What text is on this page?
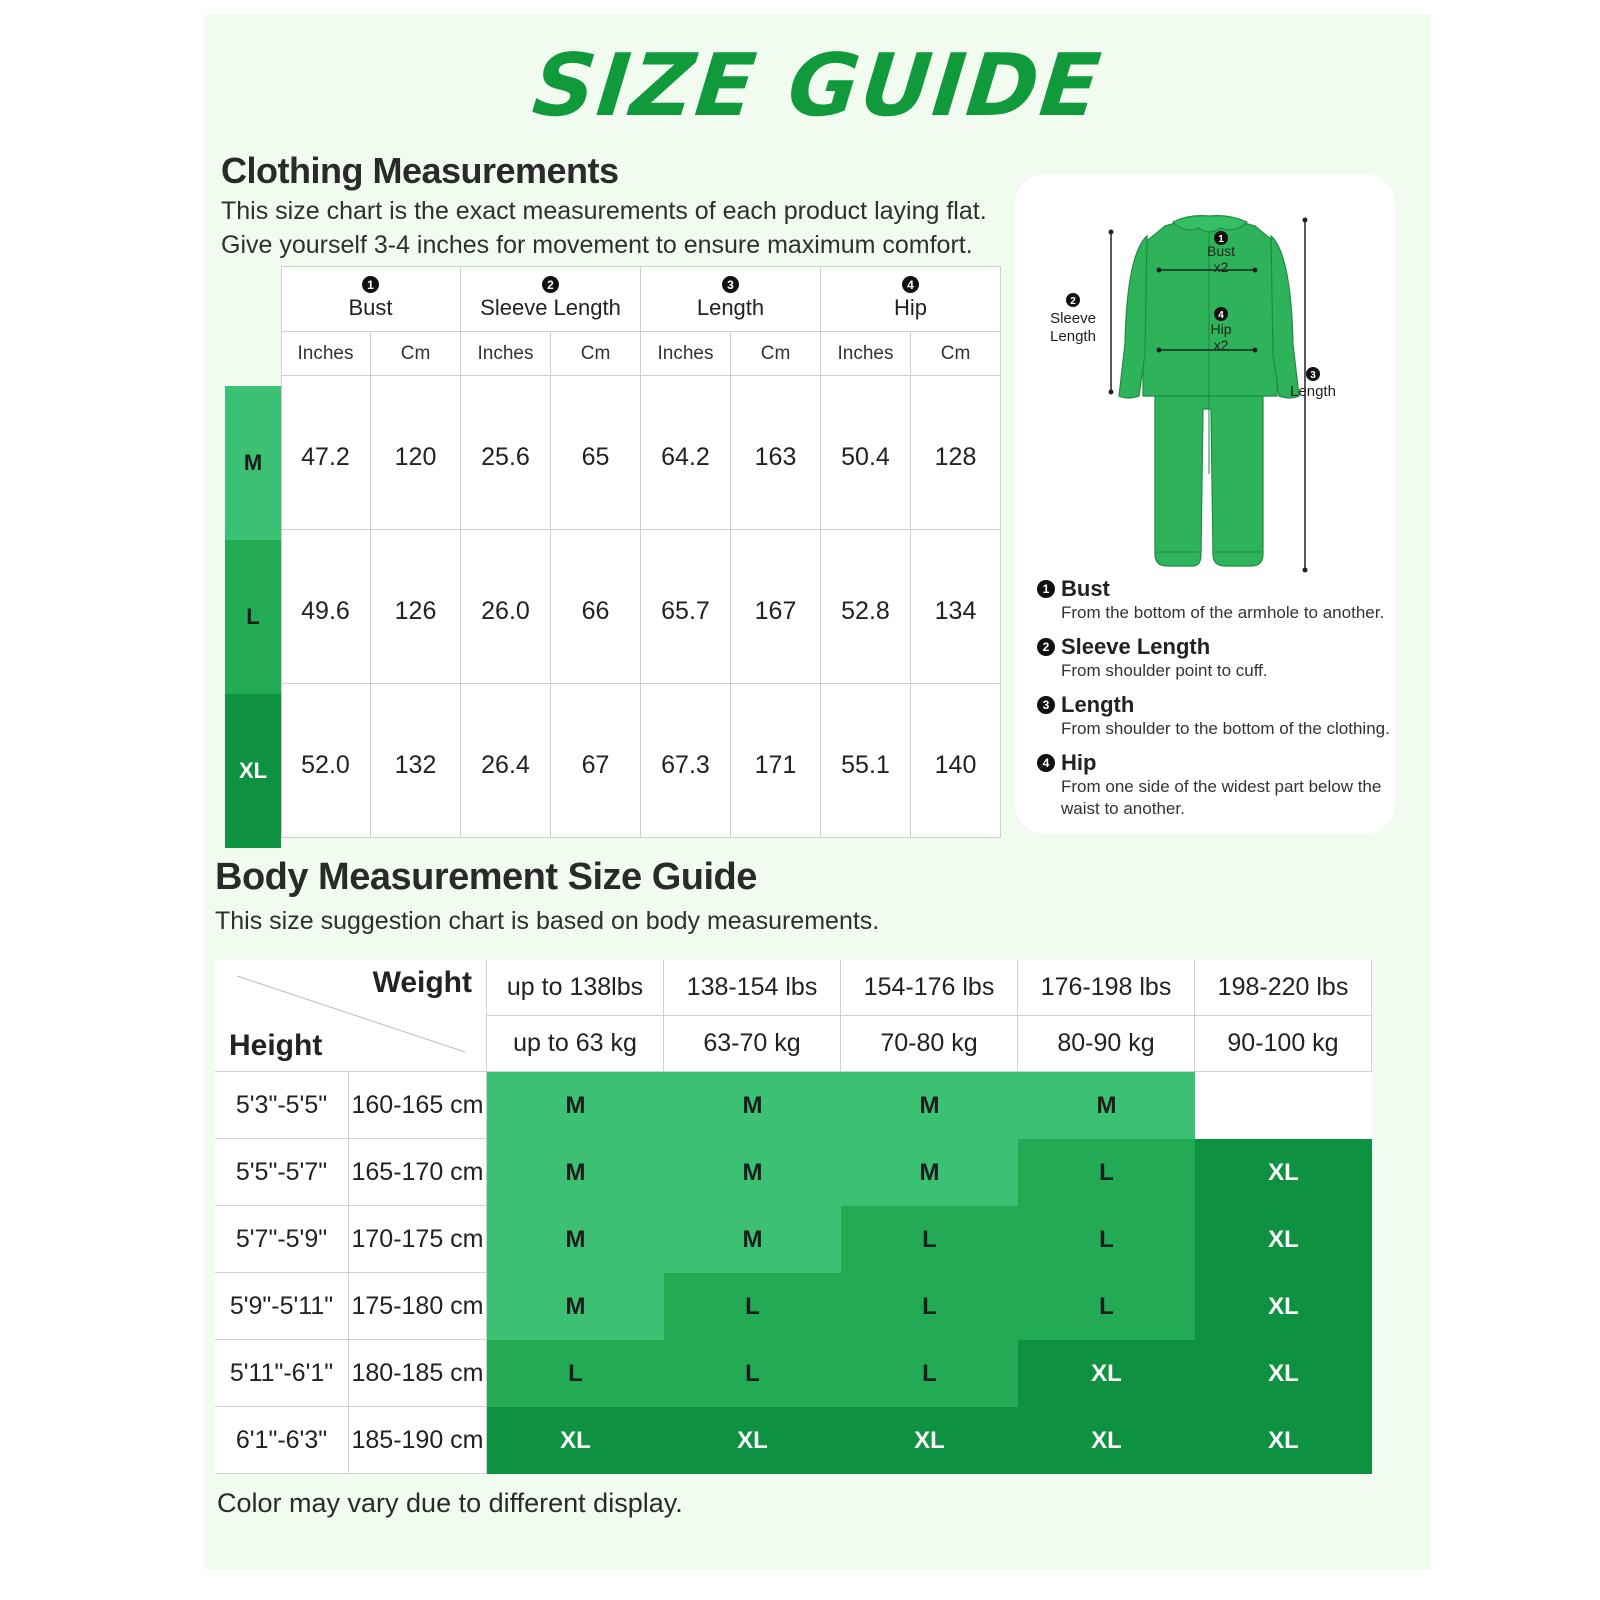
SIZE GUIDE
Clothing Measurements
This size chart is the exact measurements of each product laying flat.
Give yourself 3-4 inches for movement to ensure maximum comfort.
1
Bust
Inches	Cm
2
Sleeve Length
Inches	Cm
3
Length
Inches	Cm
4
Hip
Inches	Cm
M	47.2	120	25.6	65	64.2	163	50.4	128
L	49.6	126	26.0	66	65.7	167	52.8	134
XL	52.0	132	26.4	67	67.3	171	55.1	140
1
Bust
x2
4
Hip
x2
2
Sleeve
Length
3
Length
1 Bust
From the bottom of the armhole to another.
2 Sleeve Length
From shoulder point to cuff.
3 Length
From shoulder to the bottom of the clothing.
4 Hip
From one side of the widest part below the waist to another.
Body Measurement Size Guide
This size suggestion chart is based on body measurements.
Weight
Height
up to 138lbs
up to 63 kg
138-154 lbs
63-70 kg
154-176 lbs
70-80 kg
176-198 lbs
80-90 kg
198-220 lbs
90-100 kg
5'3"-5'5" 160-165 cm	M	M	M	M
5'5"-5'7" 165-170 cm	M	M	M	L	XL
5'7"-5'9" 170-175 cm	M	M	L	L	XL
5'9"-5'11" 175-180 cm	M	L	L	L	XL
5'11"-6'1" 180-185 cm	L	L	L	XL	XL
6'1"-6'3" 185-190 cm	XL	XL	XL	XL	XL
Color may vary due to different display.
